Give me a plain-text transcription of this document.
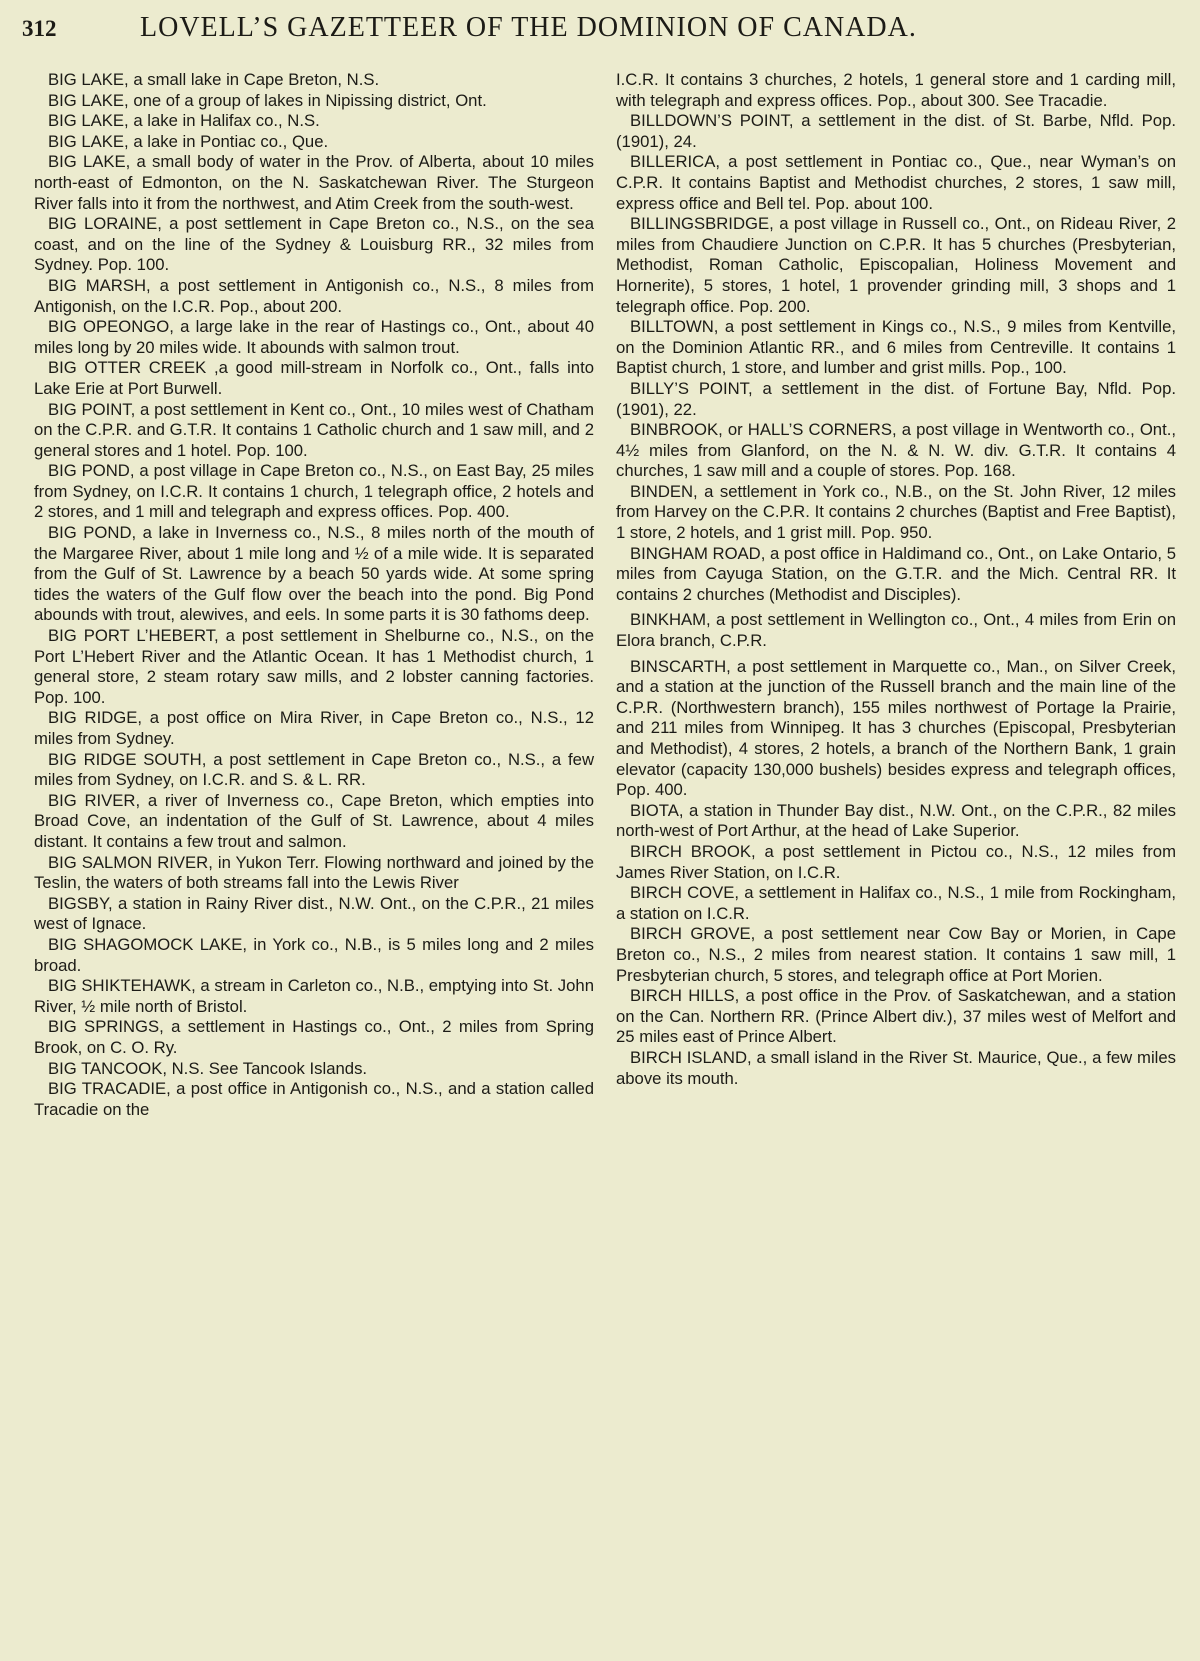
312	LOVELL’S GAZETTEER OF THE DOMINION OF CANADA.

BIG LAKE, a small lake in Cape Breton, N.S.

BIG LAKE, one of a group of lakes in Nipissing district, Ont.

BIG LAKE, a lake in Halifax co., N.S.

BIG LAKE, a lake in Pontiac co., Que.

BIG LAKE, a small body of water in the Prov. of Alberta, about 10 miles north-east of Edmonton, on the N. Saskatchewan River. The Sturgeon River falls into it from the northwest, and Atim Creek from the south-west.

BIG LORAINE, a post settlement in Cape Breton co., N.S., on the sea coast, and on the line of the Sydney & Louisburg RR., 32 miles from Sydney. Pop. 100.

BIG MARSH, a post settlement in Antigonish co., N.S., 8 miles from Antigonish, on the I.C.R. Pop., about 200.

BIG OPEONGO, a large lake in the rear of Hastings co., Ont., about 40 miles long by 20 miles wide. It abounds with salmon trout.

BIG OTTER CREEK ,a good mill-stream in Norfolk co., Ont., falls into Lake Erie at Port Burwell.

BIG POINT, a post settlement in Kent co., Ont., 10 miles west of Chatham on the C.P.R. and G.T.R. It contains 1 Catholic church and 1 saw mill, and 2 general stores and 1 hotel. Pop. 100.

BIG POND, a post village in Cape Breton co., N.S., on East Bay, 25 miles from Sydney, on I.C.R. It contains 1 church, 1 telegraph office, 2 hotels and 2 stores, and 1 mill and telegraph and express offices. Pop. 400.

BIG POND, a lake in Inverness co., N.S., 8 miles north of the mouth of the Margaree River, about 1 mile long and ½ of a mile wide. It is separated from the Gulf of St. Lawrence by a beach 50 yards wide. At some spring tides the waters of the Gulf flow over the beach into the pond. Big Pond abounds with trout, alewives, and eels. In some parts it is 30 fathoms deep.

BIG PORT L’HEBERT, a post settlement in Shelburne co., N.S., on the Port L’Hebert River and the Atlantic Ocean. It has 1 Methodist church, 1 general store, 2 steam rotary saw mills, and 2 lobster canning factories. Pop. 100.

BIG RIDGE, a post office on Mira River, in Cape Breton co., N.S., 12 miles from Sydney.

BIG RIDGE SOUTH, a post settlement in Cape Breton co., N.S., a few miles from Sydney, on I.C.R. and S. & L. RR.

BIG RIVER, a river of Inverness co., Cape Breton, which empties into Broad Cove, an indentation of the Gulf of St. Lawrence, about 4 miles distant. It contains a few trout and salmon.

BIG SALMON RIVER, in Yukon Terr. Flowing northward and joined by the Teslin, the waters of both streams fall into the Lewis River

BIGSBY, a station in Rainy River dist., N.W. Ont., on the C.P.R., 21 miles west of Ignace.

BIG SHAGOMOCK LAKE, in York co., N.B., is 5 miles long and 2 miles broad.

BIG SHIKTEHAWK, a stream in Carleton co., N.B., emptying into St. John River, ½ mile north of Bristol.

BIG SPRINGS, a settlement in Hastings co., Ont., 2 miles from Spring Brook, on C. O. Ry.

BIG TANCOOK, N.S. See Tancook Islands.

BIG TRACADIE, a post office in Antigonish co., N.S., and a station called Tracadie on the

I.C.R. It contains 3 churches, 2 hotels, 1 general store and 1 carding mill, with telegraph and express offices. Pop., about 300. See Tracadie.

BILLDOWN’S POINT, a settlement in the dist. of St. Barbe, Nfld. Pop. (1901), 24.

BILLERICA, a post settlement in Pontiac co., Que., near Wyman’s on C.P.R. It contains Baptist and Methodist churches, 2 stores, 1 saw mill, express office and Bell tel. Pop. about 100.

BILLINGSBRIDGE, a post village in Russell co., Ont., on Rideau River, 2 miles from Chaudiere Junction on C.P.R. It has 5 churches (Presbyterian, Methodist, Roman Catholic, Episcopalian, Holiness Movement and Hornerite), 5 stores, 1 hotel, 1 provender grinding mill, 3 shops and 1 telegraph office. Pop. 200.

BILLTOWN, a post settlement in Kings co., N.S., 9 miles from Kentville, on the Dominion Atlantic RR., and 6 miles from Centreville. It contains 1 Baptist church, 1 store, and lumber and grist mills. Pop., 100.

BILLY’S POINT, a settlement in the dist. of Fortune Bay, Nfld. Pop. (1901), 22.

BINBROOK, or HALL’S CORNERS, a post village in Wentworth co., Ont., 4½ miles from Glanford, on the N. & N. W. div. G.T.R. It contains 4 churches, 1 saw mill and a couple of stores. Pop. 168.

BINDEN, a settlement in York co., N.B., on the St. John River, 12 miles from Harvey on the C.P.R. It contains 2 churches (Baptist and Free Baptist), 1 store, 2 hotels, and 1 grist mill. Pop. 950.

BINGHAM ROAD, a post office in Haldimand co., Ont., on Lake Ontario, 5 miles from Cayuga Station, on the G.T.R. and the Mich. Central RR. It contains 2 churches (Methodist and Disciples).

BINKHAM, a post settlement in Wellington co., Ont., 4 miles from Erin on Elora branch, C.P.R.

BINSCARTH, a post settlement in Marquette co., Man., on Silver Creek, and a station at the junction of the Russell branch and the main line of the C.P.R. (Northwestern branch), 155 miles northwest of Portage la Prairie, and 211 miles from Winnipeg. It has 3 churches (Episcopal, Presbyterian and Methodist), 4 stores, 2 hotels, a branch of the Northern Bank, 1 grain elevator (capacity 130,000 bushels) besides express and telegraph offices, Pop. 400.

BIOTA, a station in Thunder Bay dist., N.W. Ont., on the C.P.R., 82 miles north-west of Port Arthur, at the head of Lake Superior.

BIRCH BROOK, a post settlement in Pictou co., N.S., 12 miles from James River Station, on I.C.R.

BIRCH COVE, a settlement in Halifax co., N.S., 1 mile from Rockingham, a station on I.C.R.

BIRCH GROVE, a post settlement near Cow Bay or Morien, in Cape Breton co., N.S., 2 miles from nearest station. It contains 1 saw mill, 1 Presbyterian church, 5 stores, and telegraph office at Port Morien.

BIRCH HILLS, a post office in the Prov. of Saskatchewan, and a station on the Can. Northern RR. (Prince Albert div.), 37 miles west of Melfort and 25 miles east of Prince Albert.

BIRCH ISLAND, a small island in the River St. Maurice, Que., a few miles above its mouth.
